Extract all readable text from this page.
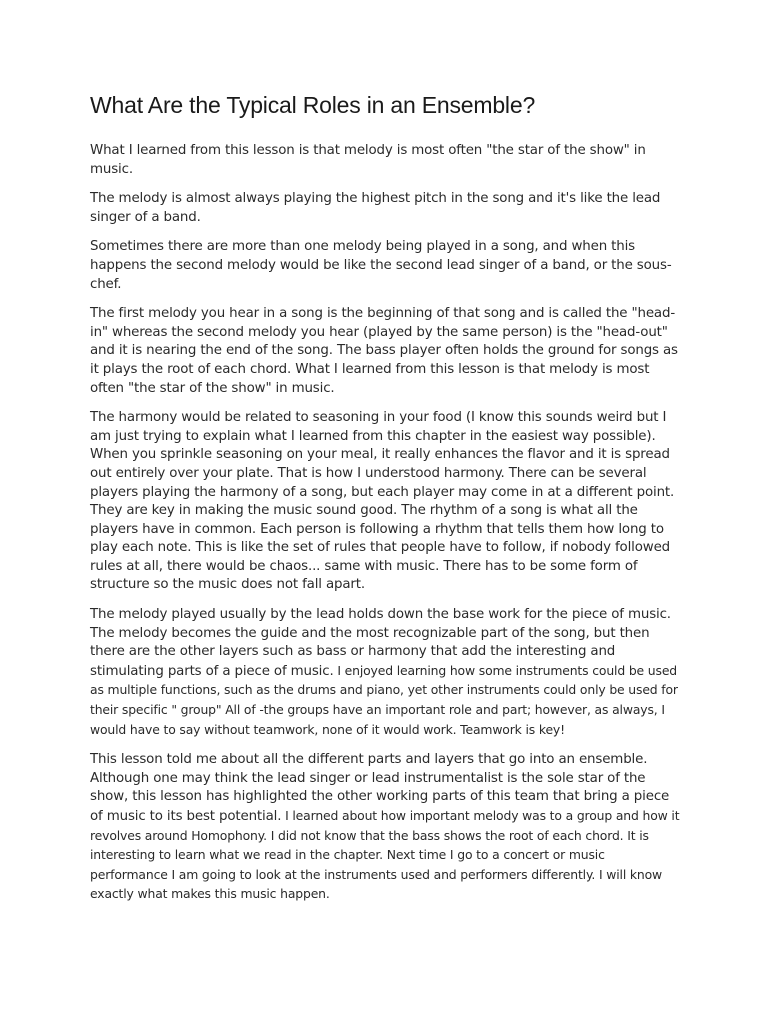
What Are the Typical Roles in an Ensemble?

What I learned from this lesson is that melody is most often "the star of the show" in music.

The melody is almost always playing the highest pitch in the song and it's like the lead singer of a band.

Sometimes there are more than one melody being played in a song, and when this happens the second melody would be like the second lead singer of a band, or the sous-chef.

The first melody you hear in a song is the beginning of that song and is called the "head-in" whereas the second melody you hear (played by the same person) is the "head-out" and it is nearing the end of the song. The bass player often holds the ground for songs as it plays the root of each chord. What I learned from this lesson is that melody is most often "the star of the show" in music.

The harmony would be related to seasoning in your food (I know this sounds weird but I am just trying to explain what I learned from this chapter in the easiest way possible). When you sprinkle seasoning on your meal, it really enhances the flavor and it is spread out entirely over your plate. That is how I understood harmony. There can be several players playing the harmony of a song, but each player may come in at a different point. They are key in making the music sound good. The rhythm of a song is what all the players have in common. Each person is following a rhythm that tells them how long to play each note. This is like the set of rules that people have to follow, if nobody followed rules at all, there would be chaos... same with music. There has to be some form of structure so the music does not fall apart.

The melody played usually by the lead holds down the base work for the piece of music. The melody becomes the guide and the most recognizable part of the song, but then there are the other layers such as bass or harmony that add the interesting and stimulating parts of a piece of music. I enjoyed learning how some instruments could be used as multiple functions, such as the drums and piano, yet other instruments could only be used for their specific " group" All of -the groups have an important role and part; however, as always, I would have to say without teamwork, none of it would work. Teamwork is key!

This lesson told me about all the different parts and layers that go into an ensemble. Although one may think the lead singer or lead instrumentalist is the sole star of the show, this lesson has highlighted the other working parts of this team that bring a piece of music to its best potential. I learned about how important melody was to a group and how it revolves around Homophony. I did not know that the bass shows the root of each chord. It is interesting to learn what we read in the chapter. Next time I go to a concert or music performance I am going to look at the instruments used and performers differently. I will know exactly what makes this music happen.
